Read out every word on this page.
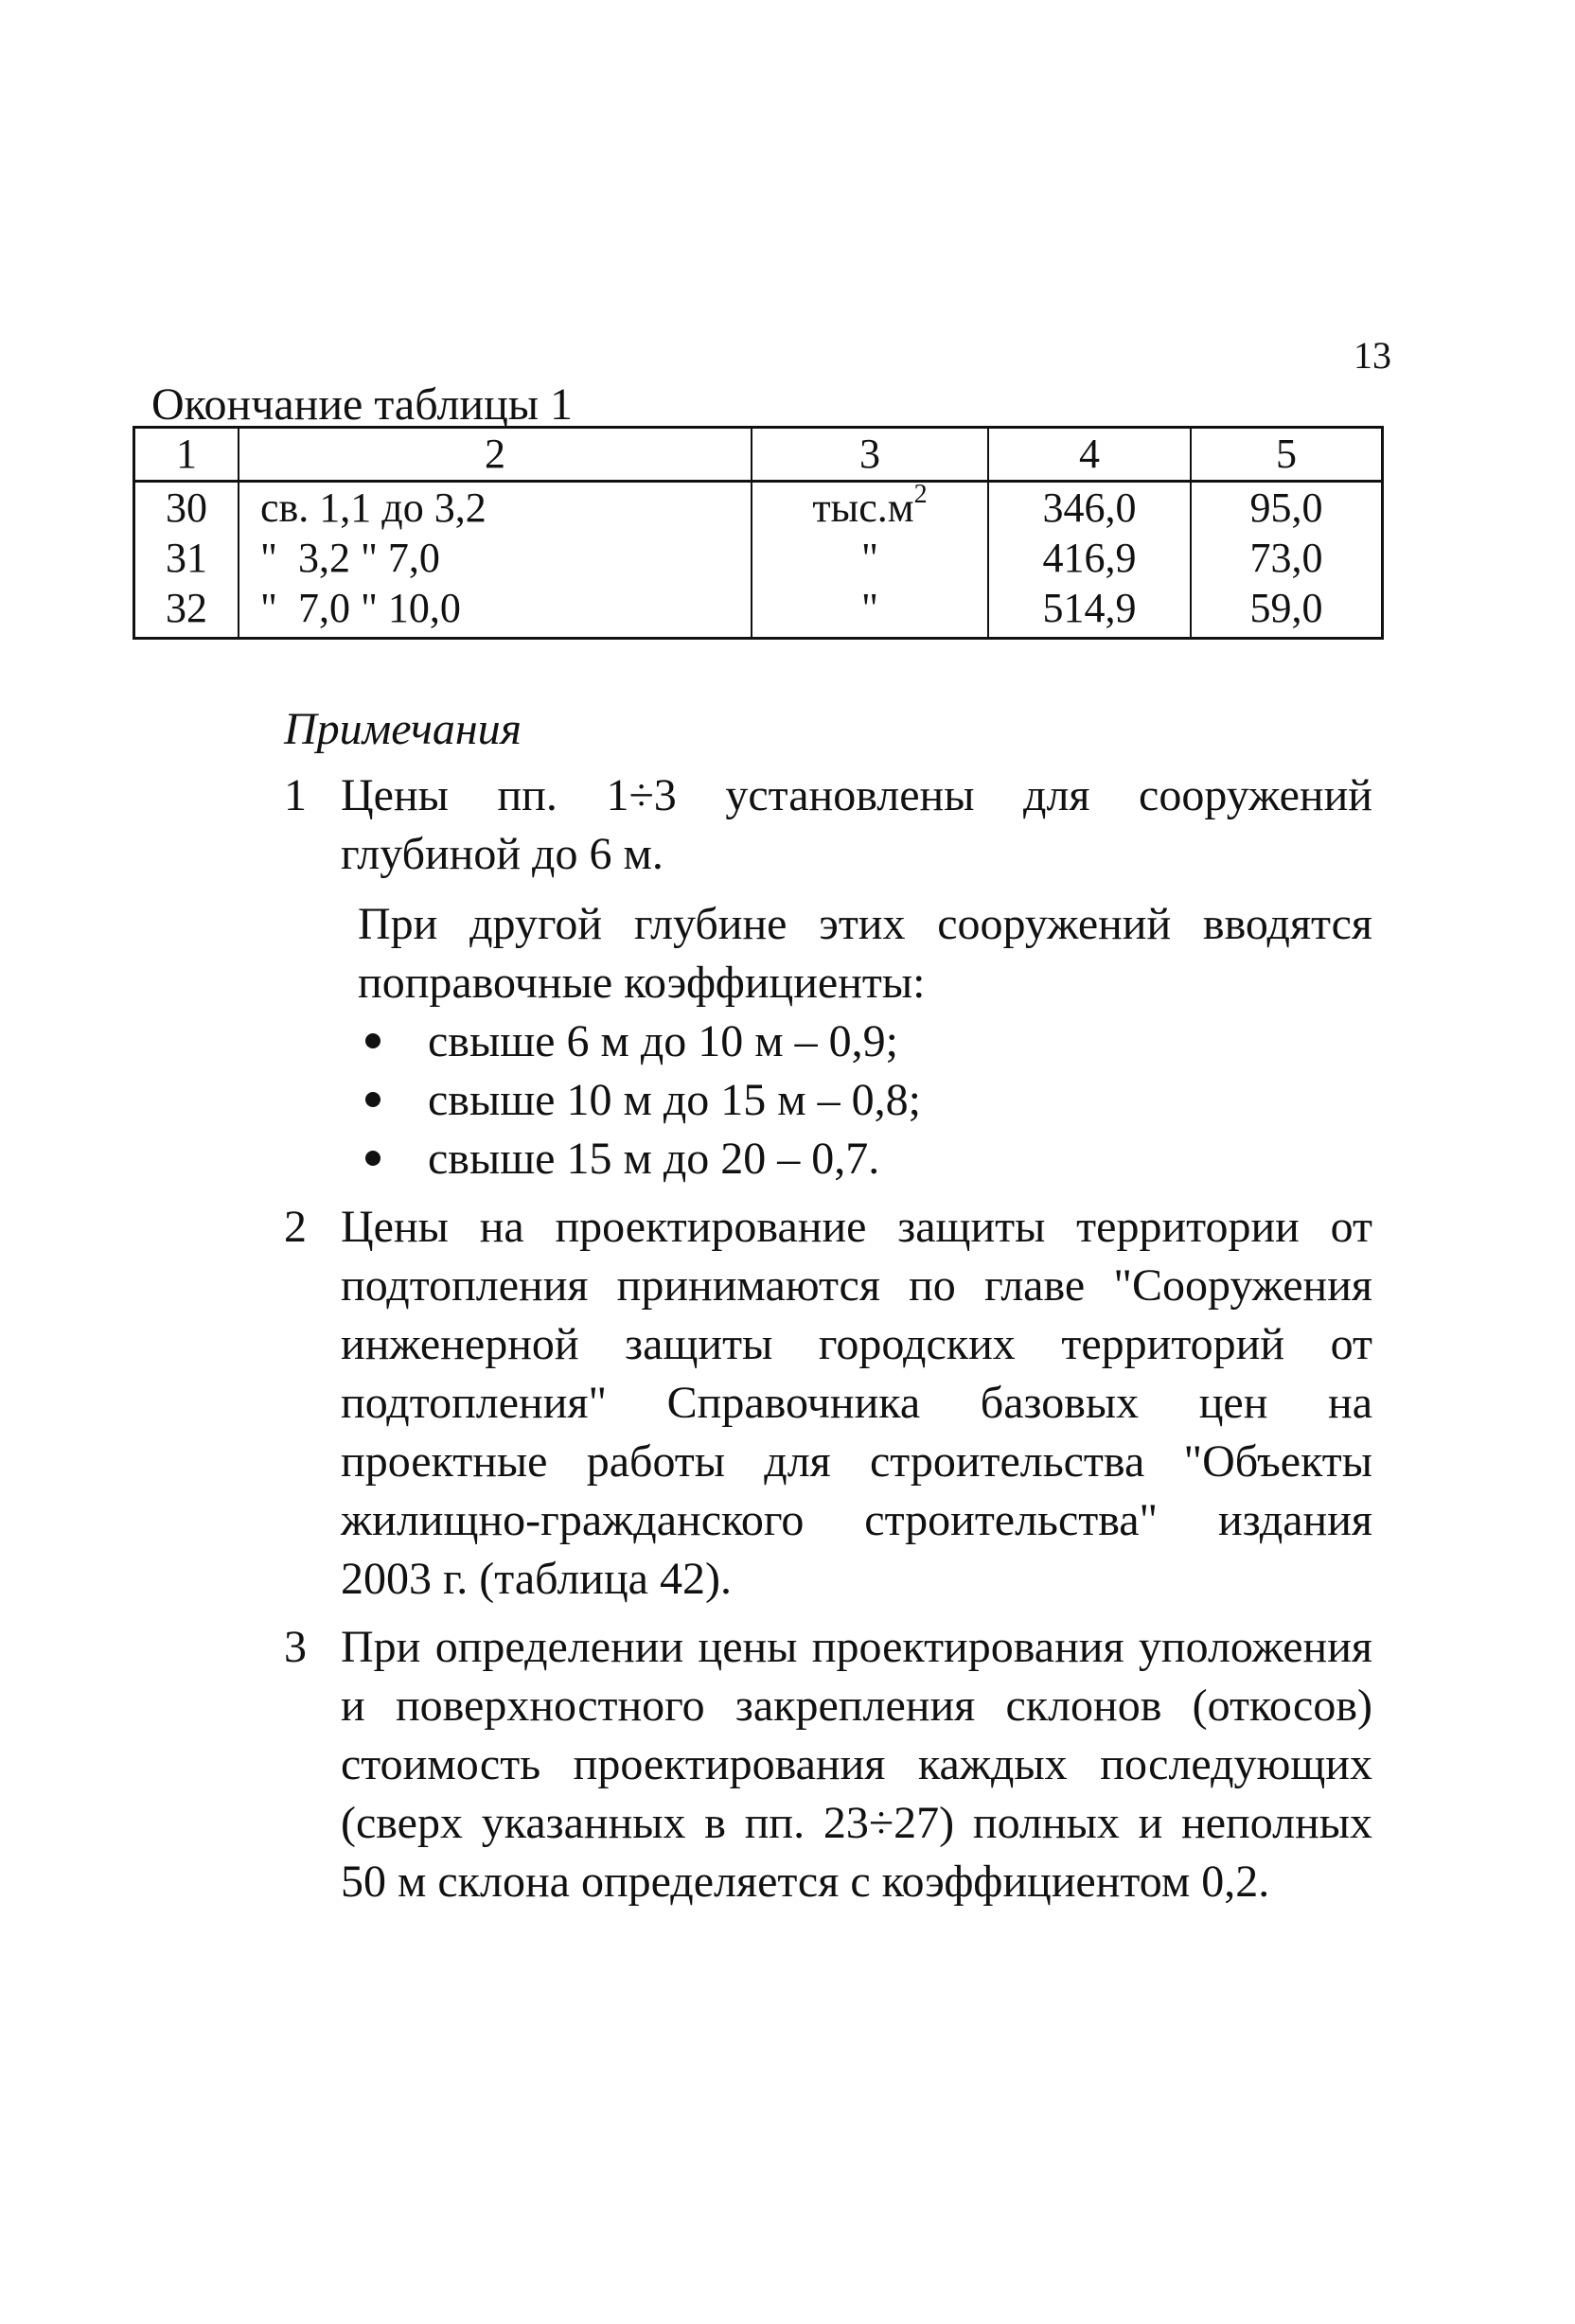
13
Окончание таблицы 1
1	2	3	4	5
30	св. 1,1 до 3,2	$тыс.м^2$	346,0	95,0
31	"  3,2 " 7,0	"	416,9	73,0
32	"  7,0 " 10,0	"	514,9	59,0
Примечания
1 Цены пп. 1÷3 установлены для сооружений глубиной до 6 м.

При другой глубине этих сооружений вводятся поправочные коэффициенты:

свыше 6 м до 10 м – 0,9;
свыше 10 м до 15 м – 0,8;
свыше 15 м до 20 – 0,7.
2 Цены на проектирование защиты территории от подтопления принимаются по главе "Сооружения инженерной защиты городских территорий от подтопления" Справочника базовых цен на проектные работы для строительства "Объекты жилищно-гражданского строительства" издания 2003 г. (таблица 42).

3 При определении цены проектирования уположения и поверхностного закрепления склонов (откосов) стоимость проектирования каждых последующих (сверх указанных в пп. 23÷27) полных и неполных 50 м склона определяется с коэффициентом 0,2.
